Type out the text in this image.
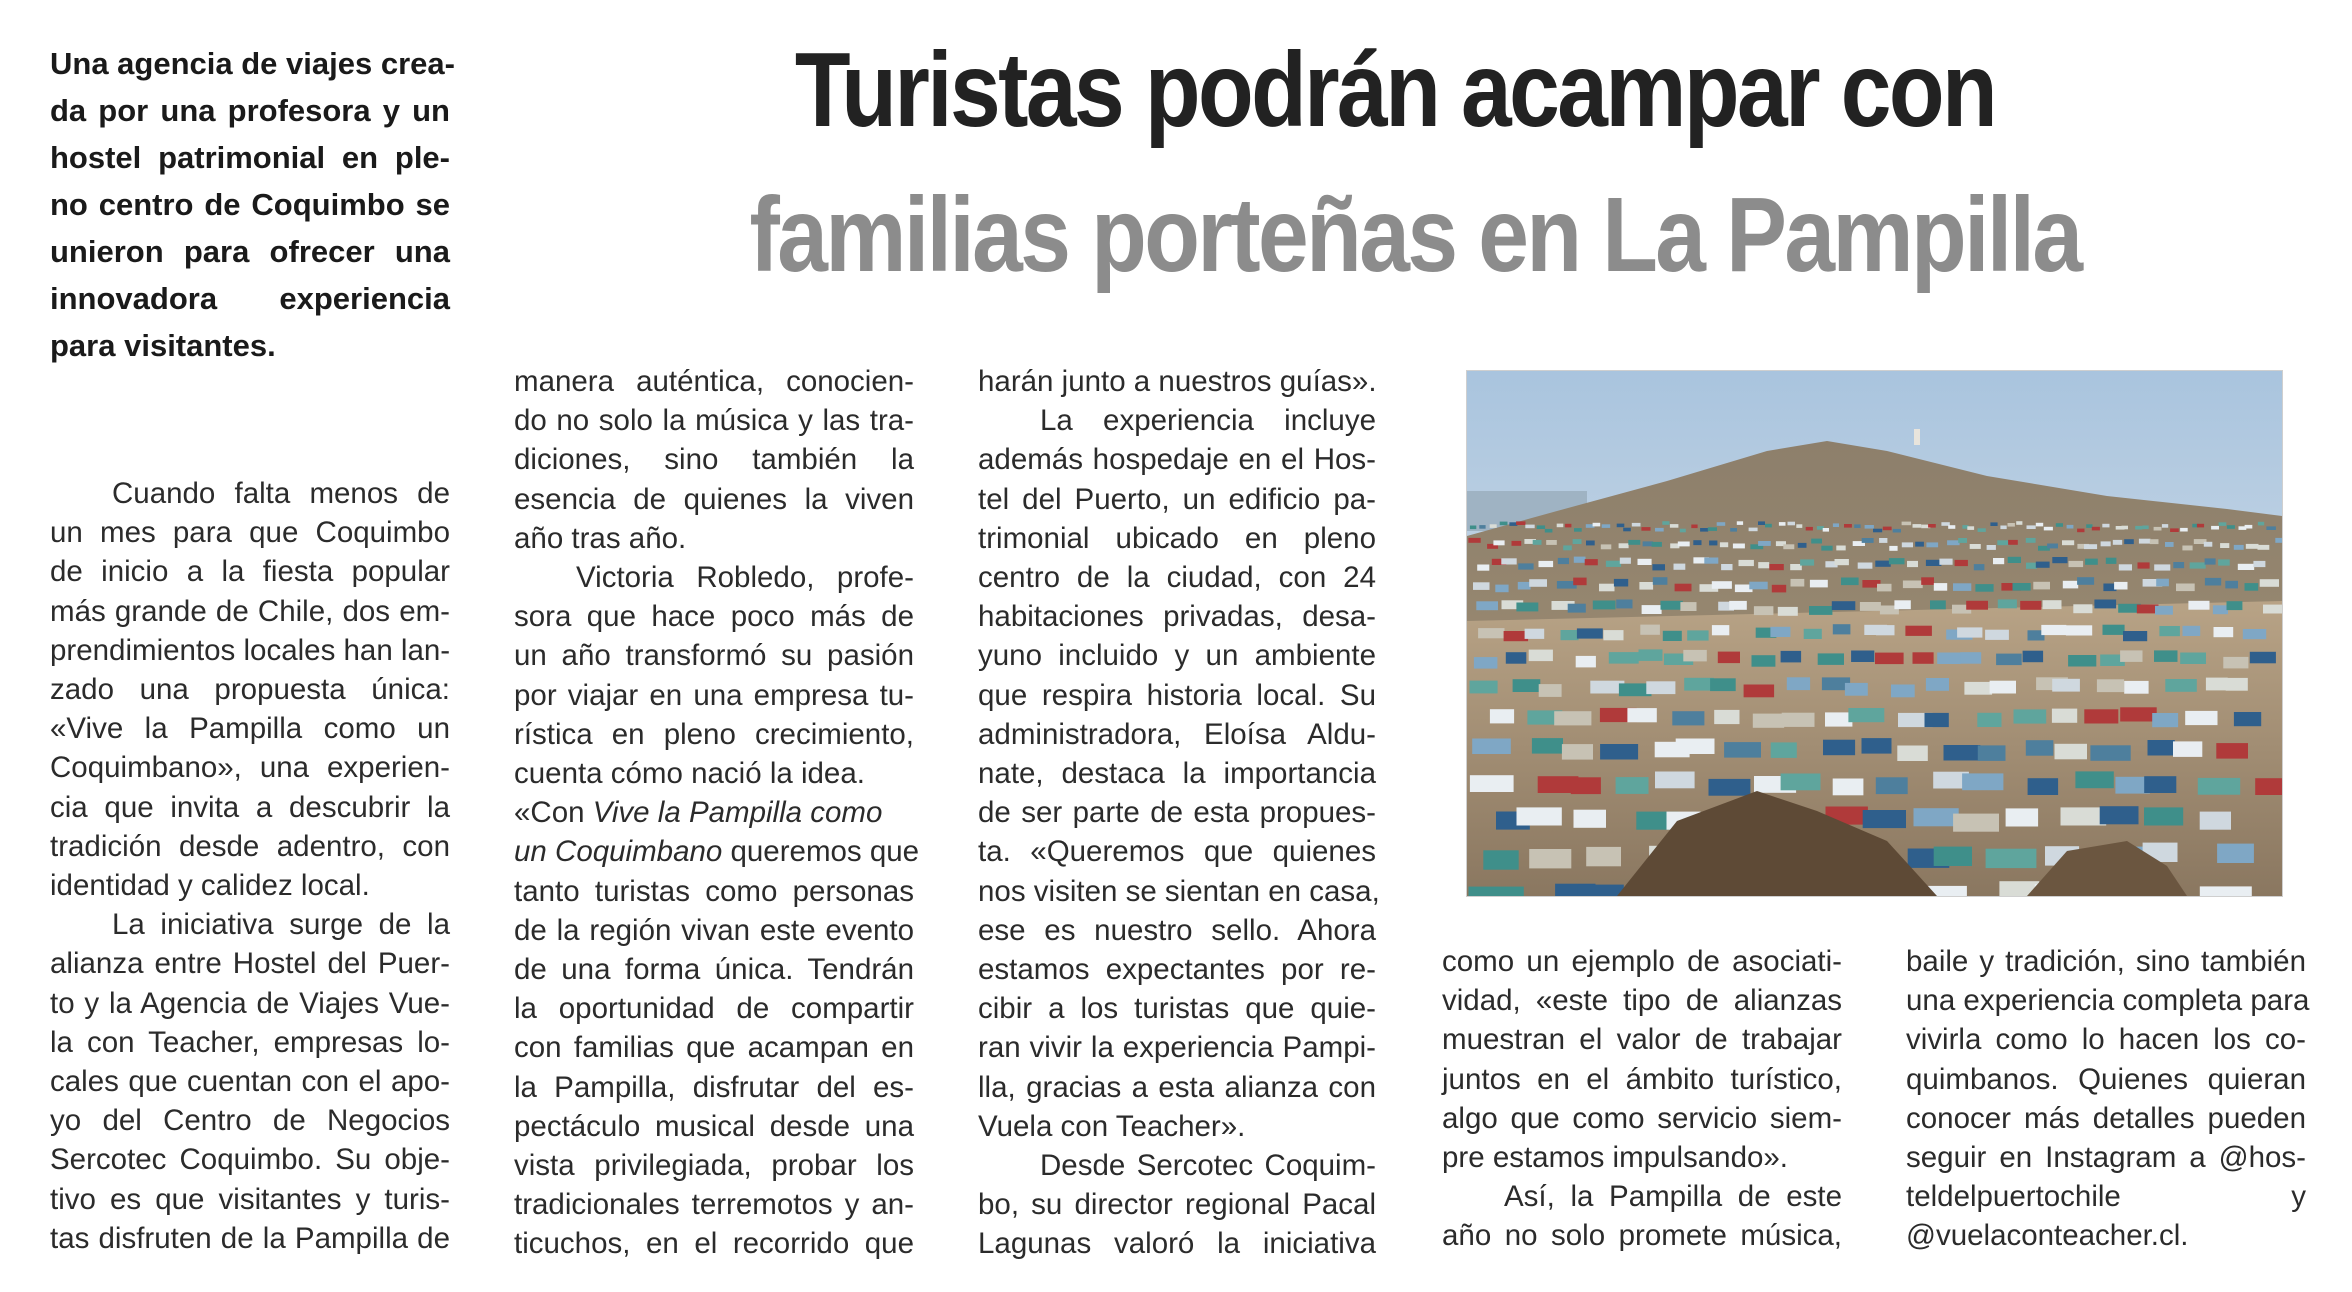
Una agencia de viajes crea-
da por una profesora y un
hostel patrimonial en ple-
no centro de Coquimbo se
unieron para ofrecer una
innovadora experiencia
para visitantes.
Turistas podrán acampar con
familias porteñas en La Pampilla
Cuando falta menos de
un mes para que Coquimbo
de inicio a la fiesta popular
más grande de Chile, dos em-
prendimientos locales han lan-
zado una propuesta única:
«Vive la Pampilla como un
Coquimbano», una experien-
cia que invita a descubrir la
tradición desde adentro, con
identidad y calidez local.
La iniciativa surge de la
alianza entre Hostel del Puer-
to y la Agencia de Viajes Vue-
la con Teacher, empresas lo-
cales que cuentan con el apo-
yo del Centro de Negocios
Sercotec Coquimbo. Su obje-
tivo es que visitantes y turis-
tas disfruten de la Pampilla de
manera auténtica, conocien-
do no solo la música y las tra-
diciones, sino también la
esencia de quienes la viven
año tras año.
Victoria Robledo, profe-
sora que hace poco más de
un año transformó su pasión
por viajar en una empresa tu-
rística en pleno crecimiento,
cuenta cómo nació la idea.
«Con Vive la Pampilla como
un Coquimbano queremos que
tanto turistas como personas
de la región vivan este evento
de una forma única. Tendrán
la oportunidad de compartir
con familias que acampan en
la Pampilla, disfrutar del es-
pectáculo musical desde una
vista privilegiada, probar los
tradicionales terremotos y an-
ticuchos, en el recorrido que
harán junto a nuestros guías».
La experiencia incluye
además hospedaje en el Hos-
tel del Puerto, un edificio pa-
trimonial ubicado en pleno
centro de la ciudad, con 24
habitaciones privadas, desa-
yuno incluido y un ambiente
que respira historia local. Su
administradora, Eloísa Aldu-
nate, destaca la importancia
de ser parte de esta propues-
ta. «Queremos que quienes
nos visiten se sientan en casa,
ese es nuestro sello. Ahora
estamos expectantes por re-
cibir a los turistas que quie-
ran vivir la experiencia Pampi-
lla, gracias a esta alianza con
Vuela con Teacher».
Desde Sercotec Coquim-
bo, su director regional Pacal
Lagunas valoró la iniciativa
como un ejemplo de asociati-
vidad, «este tipo de alianzas
muestran el valor de trabajar
juntos en el ámbito turístico,
algo que como servicio siem-
pre estamos impulsando».
Así, la Pampilla de este
año no solo promete música,
baile y tradición, sino también
una experiencia completa para
vivirla como lo hacen los co-
quimbanos. Quienes quieran
conocer más detalles pueden
seguir en Instagram a @hos-
teldelpuertochile y
@vuelaconteacher.cl.
